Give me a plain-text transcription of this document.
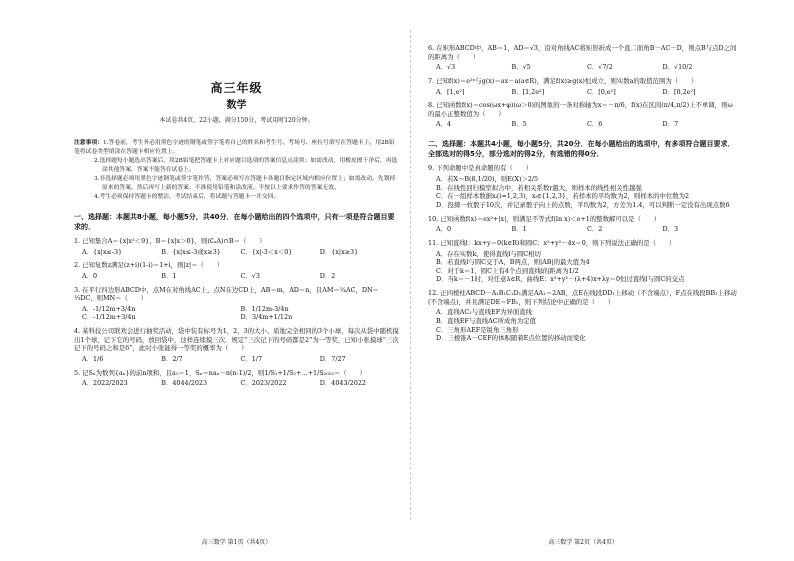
高三年级
数学
本试卷共4页，22小题，满分150分，考试用时120分钟。
注意事项：1.答卷前，考生务必用黑色字迹的钢笔或签字笔将自己的姓名和考生号、考场号、座位号填写在答题卡上，用2B铅笔将试卷类型填涂在答题卡相应位置上。
2.选择题每小题选出答案后，用2B铅笔把答题卡上对应题目选项的答案信息点涂黑；如需改动，用橡皮擦干净后，再选涂其他答案，答案不能答在试卷上。
3.非选择题必须用黑色字迹钢笔或签字笔作答，答案必须写在答题卡各题目指定区域内相应位置上；如需改动，先划掉原来的答案，然后再写上新的答案；不准使用铅笔和涂改液。不按以上要求作答的答案无效。
4.考生必须保持答题卡的整洁，考试结束后，将试题与答题卡一并交回。
一、选择题：本题共8小题，每小题5分，共40分．在每小题给出的四个选项中，只有一项是符合题目要求的．
1. 已知集合A＝{x|x²＜9}，B＝{x|x＞0}，则(∁ₐA)∩B＝（　　）
A．{x|x≤-3}	B．{x|x≤-3或x≥3}	C．{x|-3＜x＜0}	D．{x|x≥3}
2. 已知复数z满足(z+i)(1-i)＝1+i，则|z|＝（　　）
A．0	B．1	C．√3	D．2
3. 在平行四边形ABCD中，点M在对角线AC上，点N在边CD上，AB＝m，AD＝n，且AM＝¼AC，DN＝⅓DC，则MN＝（　　）
A．-1/12m+3/4n	B．1/12m-3/4n
C．-1/12m+3/4n	D．3/4m+1/12n
4. 某科技公司联欢会进行抽奖活动，袋中装有标号为1，2，3的大小、质地完全相同的3个小球，每次从袋中随机摸出1个球，记下它的号码，放回袋中，这样连续摸三次．规定“三次记下的号码都是2”为一等奖，已知小张摸球“三次记下的号码之和是6”，此时小张能得一等奖的概率为（　　）
A．1/6	B．2/7	C．1/7	D．7/27
5. 记Sₙ为数列{aₙ}的前n项和，且a₁＝1，Sₙ＝naₙ－n(n-1)/2，则1/S₁+1/S₂+…+1/S₂₀₂₂＝（　　）
A．2022/2023	B．4044/2023	C．2023/2022	D．4043/2022
高三数学 第1页（共4页）
6. 在矩形ABCD中，AB＝1，AD＝√3，沿对角线AC将矩形折成一个直二面角B－AC－D，则点B与点D之间的距离为（　　）
A．√3	B．√5	C．√7/2	D．√10/2
7. 已知f(x)＝e²ˣ与g(x)＝ax－a(a∈R)，满足f(x)≥g(x)恒成立，则实数a的取值范围为（　　）
A．[1,e²]	B．[1,2e²]	C．[0,e²]	D．[0,2e²]
8. 已知函数f(x)＝cos(ωx+φ)(ω＞0)的图象的一条对称轴为x＝－π/6，f(x)在区间(π/4,π/2)上不单调，则ω的最小正整数值为（　　）
A．4	B．5	C．6	D．7
二、选择题：本题共4小题，每小题5分，共20分．在每小题给出的选项中，有多项符合题目要求．全部选对的得5分，部分选对的得2分，有选错的得0分．
9. 下列命题中是真命题的有（　　）
A．若X～B(8,1/20)，则E(X)＞2/5
B．在线性回归模型拟合中，若相关系数r越大，则样本的线性相关性越强
C．在一组样本数据xᵢ(i=1,2,3)，xᵢ∈{1,2,3}，若样本的平均数为2，则样本的中位数为2
D．投掷一枚骰子10次，并记录骰子向上的点数，平均数为2，方差为1.4，可以判断一定没有出现点数6
10. 已知函数f(x)＝ex²+|x|，则满足不等式f(ln x)＜e+1的整数解可以是（　　）
A．0	B．1	C．2	D．3
11. 已知直线l：kx+y＝0(k∈R)和圆C：x²+y²－4x＝0，则下列说法正确的是（　　）
A．存在实数k，使得直线l与圆C相切
B．若直线l与圆C交于A，B两点，则|AB|的最大值为4
C．对于k＝1，圆C上有4个点到直线l的距离为1/2
D．当k＝－1时，对任意λ∈R，曲线E：x²+y²－(λ+4)x+λy＝0恒过直线l与圆C的交点
12. 正四棱柱ABCD－A₁B₁C₁D₁满足AA₁＝2AB，点E在线段DD₁上移动（不含端点），F点在线段BB₁上移动(不含端点)，并且满足DE＝FB₁，则下列结论中正确的是（　　）
A．直线AC₁与直线EF为异面直线
B．直线EF与直线AC所成角为定值
C．三角形AEF是锐角三角形
D．三棱锥A－CEF的体积随着E点位置的移动而变化
高三数学 第2页（共4页）
